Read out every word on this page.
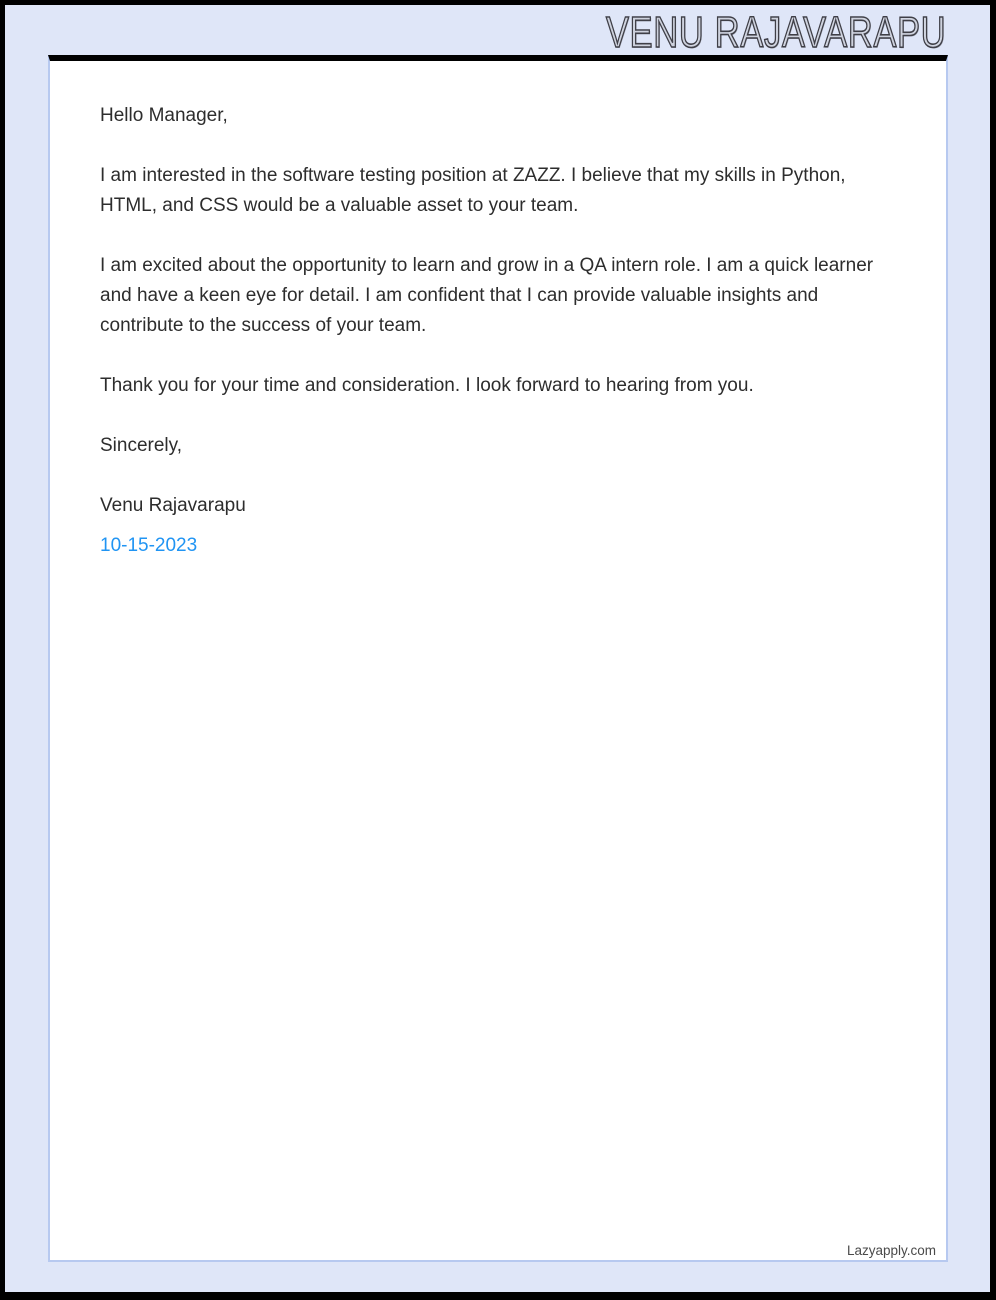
VENU RAJAVARAPU

Hello Manager,

I am interested in the software testing position at ZAZZ. I believe that my skills in Python, HTML, and CSS would be a valuable asset to your team.

I am excited about the opportunity to learn and grow in a QA intern role. I am a quick learner and have a keen eye for detail. I am confident that I can provide valuable insights and contribute to the success of your team.

Thank you for your time and consideration. I look forward to hearing from you.

Sincerely,

Venu Rajavarapu

10-15-2023

Lazyapply.com
